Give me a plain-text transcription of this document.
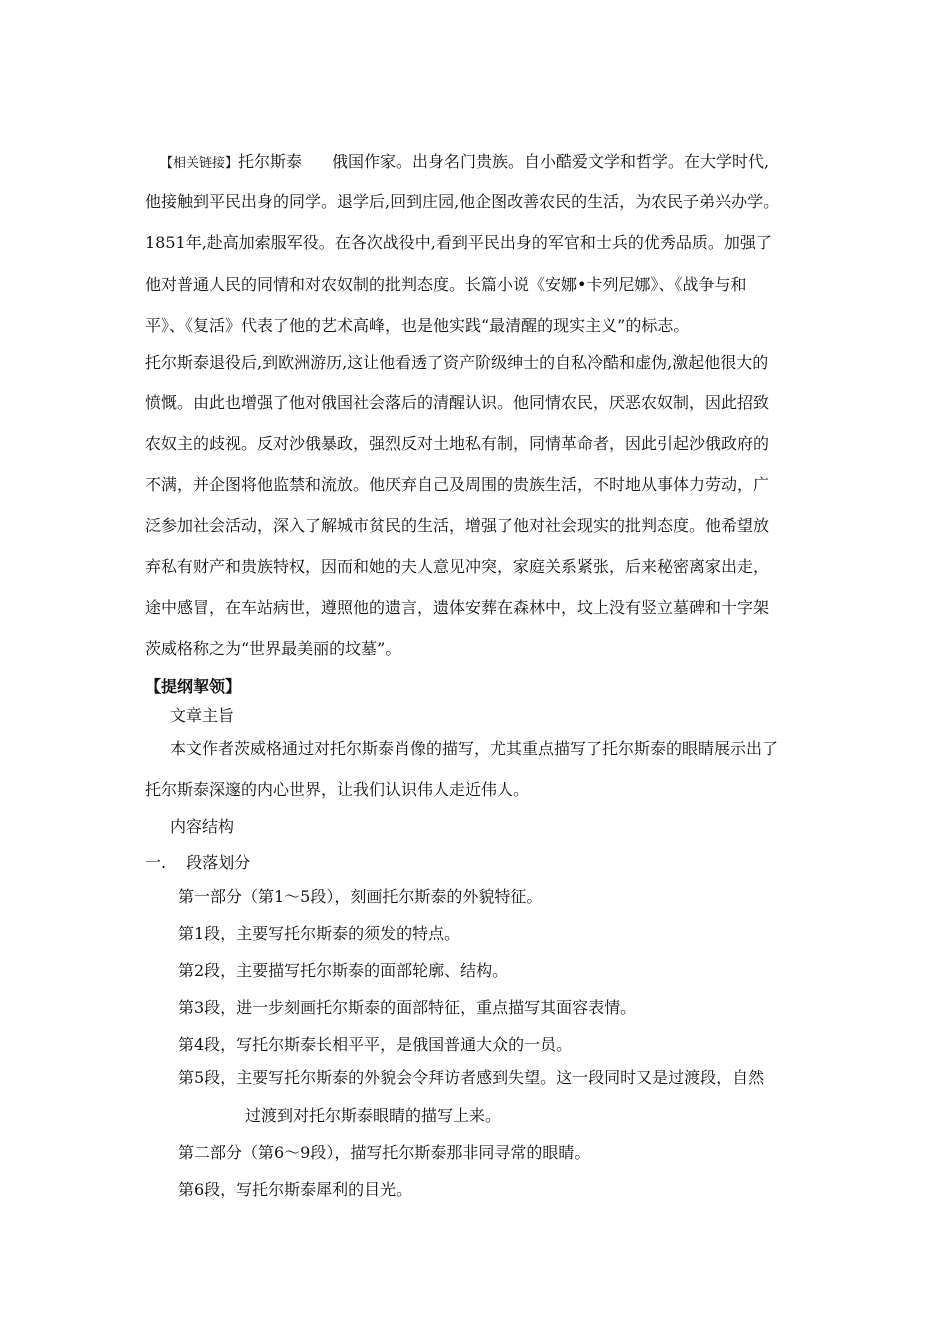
【相关链接】托尔斯泰 俄国作家。出身名门贵族。自小酷爱文学和哲学。在大学时代,
他接触到平民出身的同学。退学后,回到庄园,他企图改善农民的生活，为农民子弟兴办学。
1851年,赴高加索服军役。在各次战役中,看到平民出身的军官和士兵的优秀品质。加强了
他对普通人民的同情和对农奴制的批判态度。长篇小说《安娜•卡列尼娜》、《战争与和
平》、《复活》代表了他的艺术高峰，也是他实践“最清醒的现实主义”的标志。
托尔斯泰退役后,到欧洲游历,这让他看透了资产阶级绅士的自私冷酷和虚伪,激起他很大的
愤慨。由此也增强了他对俄国社会落后的清醒认识。他同情农民，厌恶农奴制，因此招致
农奴主的歧视。反对沙俄暴政，强烈反对土地私有制，同情革命者，因此引起沙俄政府的
不满，并企图将他监禁和流放。他厌弃自己及周围的贵族生活，不时地从事体力劳动，广
泛参加社会活动，深入了解城市贫民的生活，增强了他对社会现实的批判态度。他希望放
弃私有财产和贵族特权，因而和她的夫人意见冲突，家庭关系紧张，后来秘密离家出走，
途中感冒，在车站病世，遵照他的遗言，遗体安葬在森林中，坟上没有竖立墓碑和十字架
茨威格称之为“世界最美丽的坟墓”。
【提纲挈领】
文章主旨
本文作者茨威格通过对托尔斯泰肖像的描写，尤其重点描写了托尔斯泰的眼睛展示出了
托尔斯泰深邃的内心世界，让我们认识伟人走近伟人。
内容结构
一. 段落划分
第一部分（第1～5段），刻画托尔斯泰的外貌特征。
第1段，主要写托尔斯泰的须发的特点。
第2段，主要描写托尔斯泰的面部轮廓、结构。
第3段，进一步刻画托尔斯泰的面部特征，重点描写其面容表情。
第4段，写托尔斯泰长相平平，是俄国普通大众的一员。
第5段，主要写托尔斯泰的外貌会令拜访者感到失望。这一段同时又是过渡段，自然
过渡到对托尔斯泰眼睛的描写上来。
第二部分（第6～9段），描写托尔斯泰那非同寻常的眼睛。
第6段，写托尔斯泰犀利的目光。
